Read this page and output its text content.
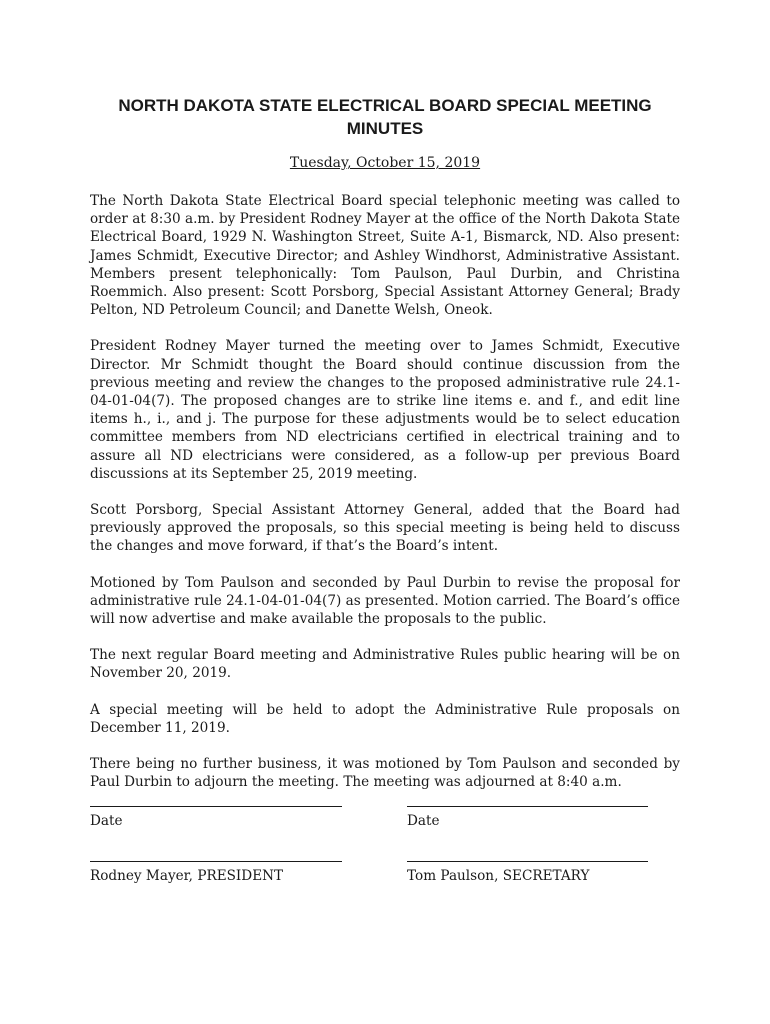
NORTH DAKOTA STATE ELECTRICAL BOARD SPECIAL MEETING MINUTES

Tuesday, October 15, 2019

The North Dakota State Electrical Board special telephonic meeting was called to order at 8:30 a.m. by President Rodney Mayer at the office of the North Dakota State Electrical Board, 1929 N. Washington Street, Suite A-1, Bismarck, ND. Also present: James Schmidt, Executive Director; and Ashley Windhorst, Administrative Assistant. Members present telephonically: Tom Paulson, Paul Durbin, and Christina Roemmich. Also present: Scott Porsborg, Special Assistant Attorney General; Brady Pelton, ND Petroleum Council; and Danette Welsh, Oneok.

President Rodney Mayer turned the meeting over to James Schmidt, Executive Director. Mr Schmidt thought the Board should continue discussion from the previous meeting and review the changes to the proposed administrative rule 24.1-04-01-04(7). The proposed changes are to strike line items e. and f., and edit line items h., i., and j. The purpose for these adjustments would be to select education committee members from ND electricians certified in electrical training and to assure all ND electricians were considered, as a follow-up per previous Board discussions at its September 25, 2019 meeting.

Scott Porsborg, Special Assistant Attorney General, added that the Board had previously approved the proposals, so this special meeting is being held to discuss the changes and move forward, if that’s the Board’s intent.

Motioned by Tom Paulson and seconded by Paul Durbin to revise the proposal for administrative rule 24.1-04-01-04(7) as presented. Motion carried. The Board’s office will now advertise and make available the proposals to the public.

The next regular Board meeting and Administrative Rules public hearing will be on November 20, 2019.

A special meeting will be held to adopt the Administrative Rule proposals on December 11, 2019.

There being no further business, it was motioned by Tom Paulson and seconded by Paul Durbin to adjourn the meeting. The meeting was adjourned at 8:40 a.m.

Date	Date
Rodney Mayer, PRESIDENT	Tom Paulson, SECRETARY
